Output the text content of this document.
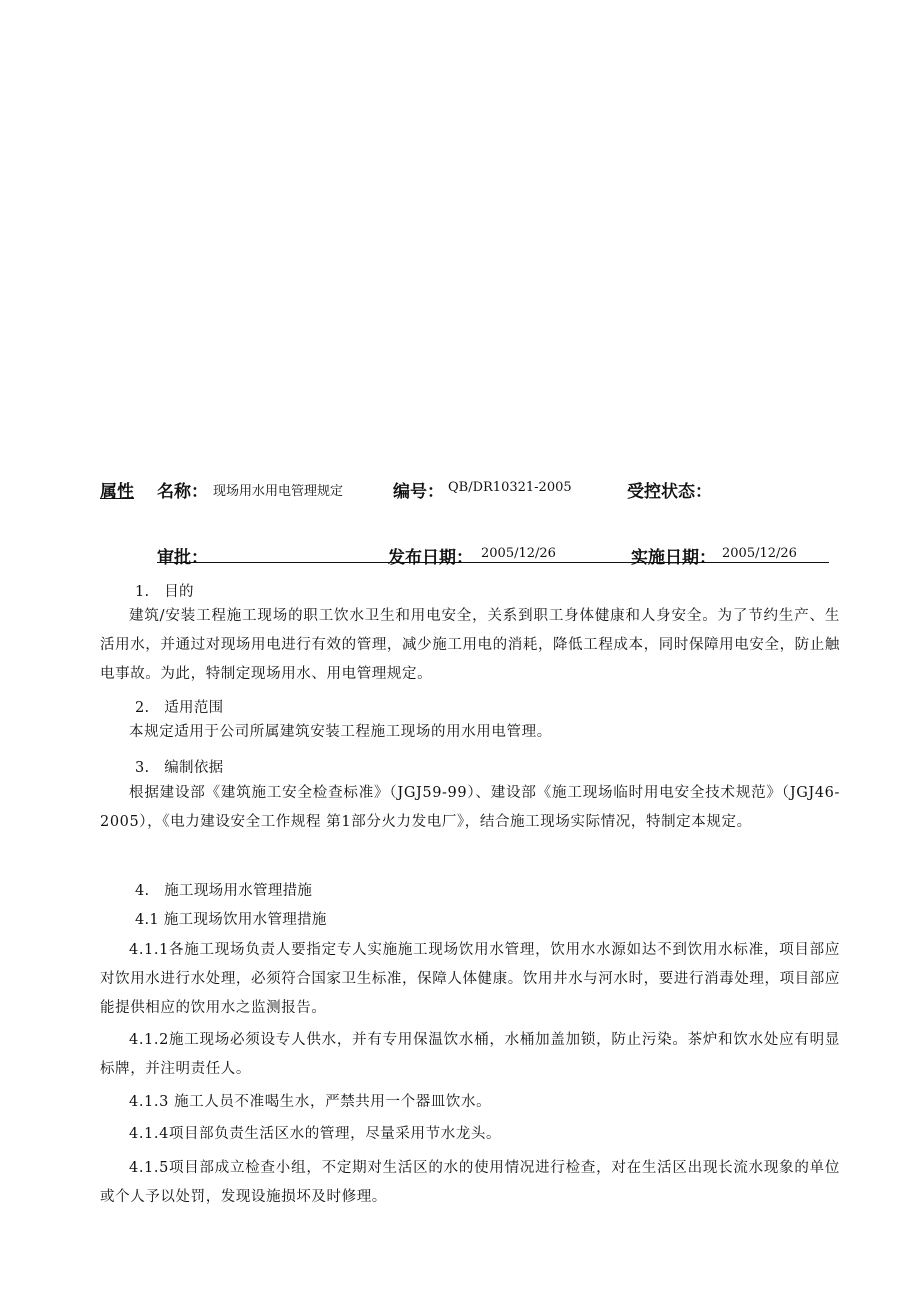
属性 名称： 现场用水用电管理规定	编号： QB/DR10321-2005	受控状态：
审批：	发布日期： 2005/12/26	实施日期： 2005/12/26
1.　目的
建筑/安装工程施工现场的职工饮水卫生和用电安全，关系到职工身体健康和人身安全。为了节约生产、生活用水，并通过对现场用电进行有效的管理，减少施工用电的消耗，降低工程成本，同时保障用电安全，防止触电事故。为此，特制定现场用水、用电管理规定。
2.　适用范围
本规定适用于公司所属建筑安装工程施工现场的用水用电管理。
3.　编制依据
根据建设部《建筑施工安全检查标准》（JGJ59-99）、建设部《施工现场临时用电安全技术规范》（JGJ46-2005），《电力建设安全工作规程 第1部分火力发电厂》，结合施工现场实际情况，特制定本规定。
4.　施工现场用水管理措施
4.1 施工现场饮用水管理措施
4.1.1各施工现场负责人要指定专人实施施工现场饮用水管理，饮用水水源如达不到饮用水标准，项目部应对饮用水进行水处理，必须符合国家卫生标准，保障人体健康。饮用井水与河水时，要进行消毒处理，项目部应能提供相应的饮用水之监测报告。
4.1.2施工现场必须设专人供水，并有专用保温饮水桶，水桶加盖加锁，防止污染。茶炉和饮水处应有明显标牌，并注明责任人。
4.1.3 施工人员不准喝生水，严禁共用一个器皿饮水。
4.1.4项目部负责生活区水的管理，尽量采用节水龙头。
4.1.5项目部成立检查小组，不定期对生活区的水的使用情况进行检查，对在生活区出现长流水现象的单位或个人予以处罚，发现设施损坏及时修理。
